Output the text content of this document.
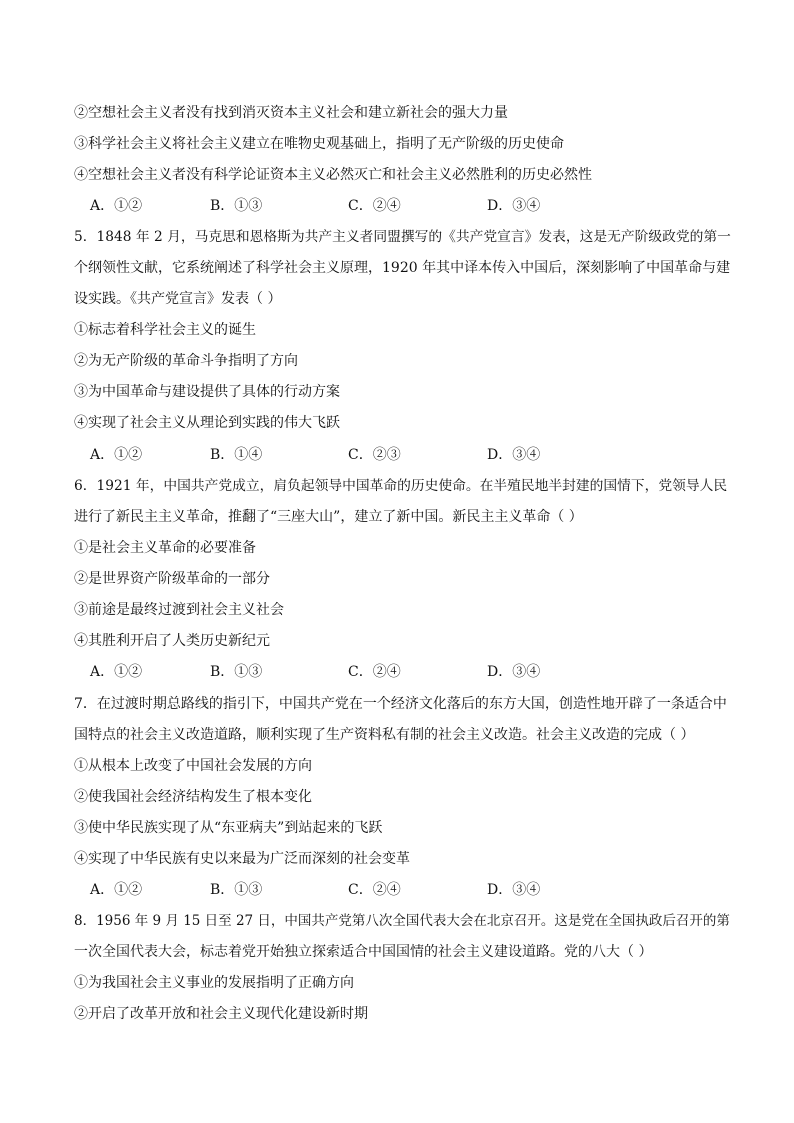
②空想社会主义者没有找到消灭资本主义社会和建立新社会的强大力量
③科学社会主义将社会主义建立在唯物史观基础上，指明了无产阶级的历史使命
④空想社会主义者没有科学论证资本主义必然灭亡和社会主义必然胜利的历史必然性
A．①②	B．①③	C．②④	D．③④
5．1848 年 2 月，马克思和恩格斯为共产主义者同盟撰写的《共产党宣言》发表，这是无产阶级政党的第一
个纲领性文献，它系统阐述了科学社会主义原理，1920 年其中译本传入中国后，深刻影响了中国革命与建
设实践。《共产党宣言》发表（ ）
①标志着科学社会主义的诞生
②为无产阶级的革命斗争指明了方向
③为中国革命与建设提供了具体的行动方案
④实现了社会主义从理论到实践的伟大飞跃
A．①②	B．①④	C．②③	D．③④
6．1921 年，中国共产党成立，肩负起领导中国革命的历史使命。在半殖民地半封建的国情下，党领导人民
进行了新民主主义革命，推翻了“三座大山”，建立了新中国。新民主主义革命（ ）
①是社会主义革命的必要准备
②是世界资产阶级革命的一部分
③前途是最终过渡到社会主义社会
④其胜利开启了人类历史新纪元
A．①②	B．①③	C．②④	D．③④
7．在过渡时期总路线的指引下，中国共产党在一个经济文化落后的东方大国，创造性地开辟了一条适合中
国特点的社会主义改造道路，顺利实现了生产资料私有制的社会主义改造。社会主义改造的完成（ ）
①从根本上改变了中国社会发展的方向
②使我国社会经济结构发生了根本变化
③使中华民族实现了从“东亚病夫”到站起来的飞跃
④实现了中华民族有史以来最为广泛而深刻的社会变革
A．①②	B．①③	C．②④	D．③④
8．1956 年 9 月 15 日至 27 日，中国共产党第八次全国代表大会在北京召开。这是党在全国执政后召开的第
一次全国代表大会，标志着党开始独立探索适合中国国情的社会主义建设道路。党的八大（ ）
①为我国社会主义事业的发展指明了正确方向
②开启了改革开放和社会主义现代化建设新时期
